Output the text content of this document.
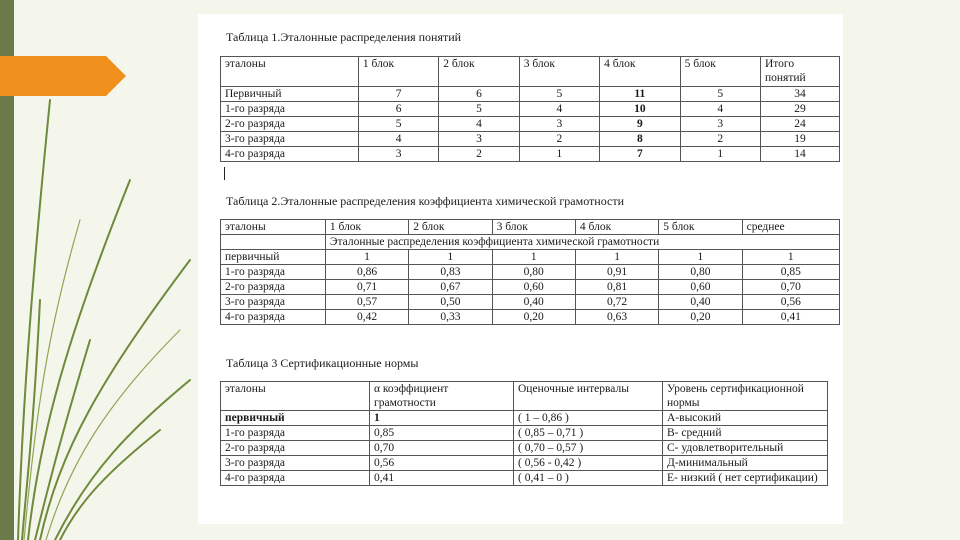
Таблица 1.Эталонные распределения понятий
эталоны	1 блок	2 блок	3 блок	4 блок	5 блок	Итого понятий
Первичный	7	6	5	11	5	34
1-го разряда	6	5	4	10	4	29
2-го разряда	5	4	3	9	3	24
3-го разряда	4	3	2	8	2	19
4-го разряда	3	2	1	7	1	14
Таблица 2.Эталонные распределения коэффициента химической грамотности
эталоны	1 блок	2 блок	3 блок	4 блок	5 блок	среднее
	Эталонные распределения коэффициента химической грамотности					
первичный	1	1	1	1	1	1
1-го разряда	0,86	0,83	0,80	0,91	0,80	0,85
2-го разряда	0,71	0,67	0,60	0,81	0,60	0,70
3-го разряда	0,57	0,50	0,40	0,72	0,40	0,56
4-го разряда	0,42	0,33	0,20	0,63	0,20	0,41
Таблица 3 Сертификационные нормы
эталоны	α коэффициент грамотности	Оценочные интервалы	Уровень сертификационной нормы
первичный	1	( 1 – 0,86 )	А-высокий
1-го разряда	0,85	( 0,85 – 0,71 )	В- средний
2-го разряда	0,70	( 0,70 – 0,57 )	С- удовлетворительный
3-го разряда	0,56	( 0,56 - 0,42 )	Д-минимальный
4-го разряда	0,41	( 0,41 – 0 )	Е- низкий ( нет сертификации)
